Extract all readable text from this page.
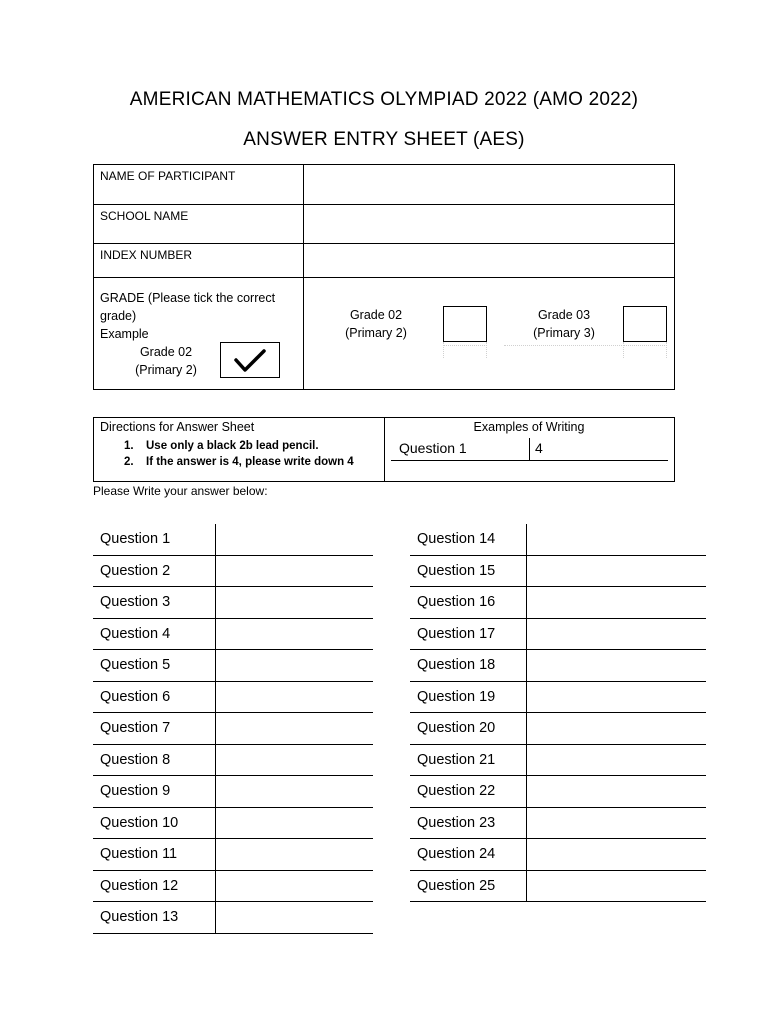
AMERICAN MATHEMATICS OLYMPIAD 2022 (AMO 2022)
ANSWER ENTRY SHEET (AES)
NAME OF PARTICIPANT
SCHOOL NAME
INDEX NUMBER
GRADE (Please tick the correct
grade)
Example
Grade 02
(Primary 2)
Grade 02
(Primary 2)
Grade 03
(Primary 3)
Directions for Answer Sheet
1. Use only a black 2b lead pencil.
2. If the answer is 4, please write down 4
Examples of Writing
Question 1	4
Please Write your answer below:
Question 1
Question 2
Question 3
Question 4
Question 5
Question 6
Question 7
Question 8
Question 9
Question 10
Question 11
Question 12
Question 13
Question 14
Question 15
Question 16
Question 17
Question 18
Question 19
Question 20
Question 21
Question 22
Question 23
Question 24
Question 25
